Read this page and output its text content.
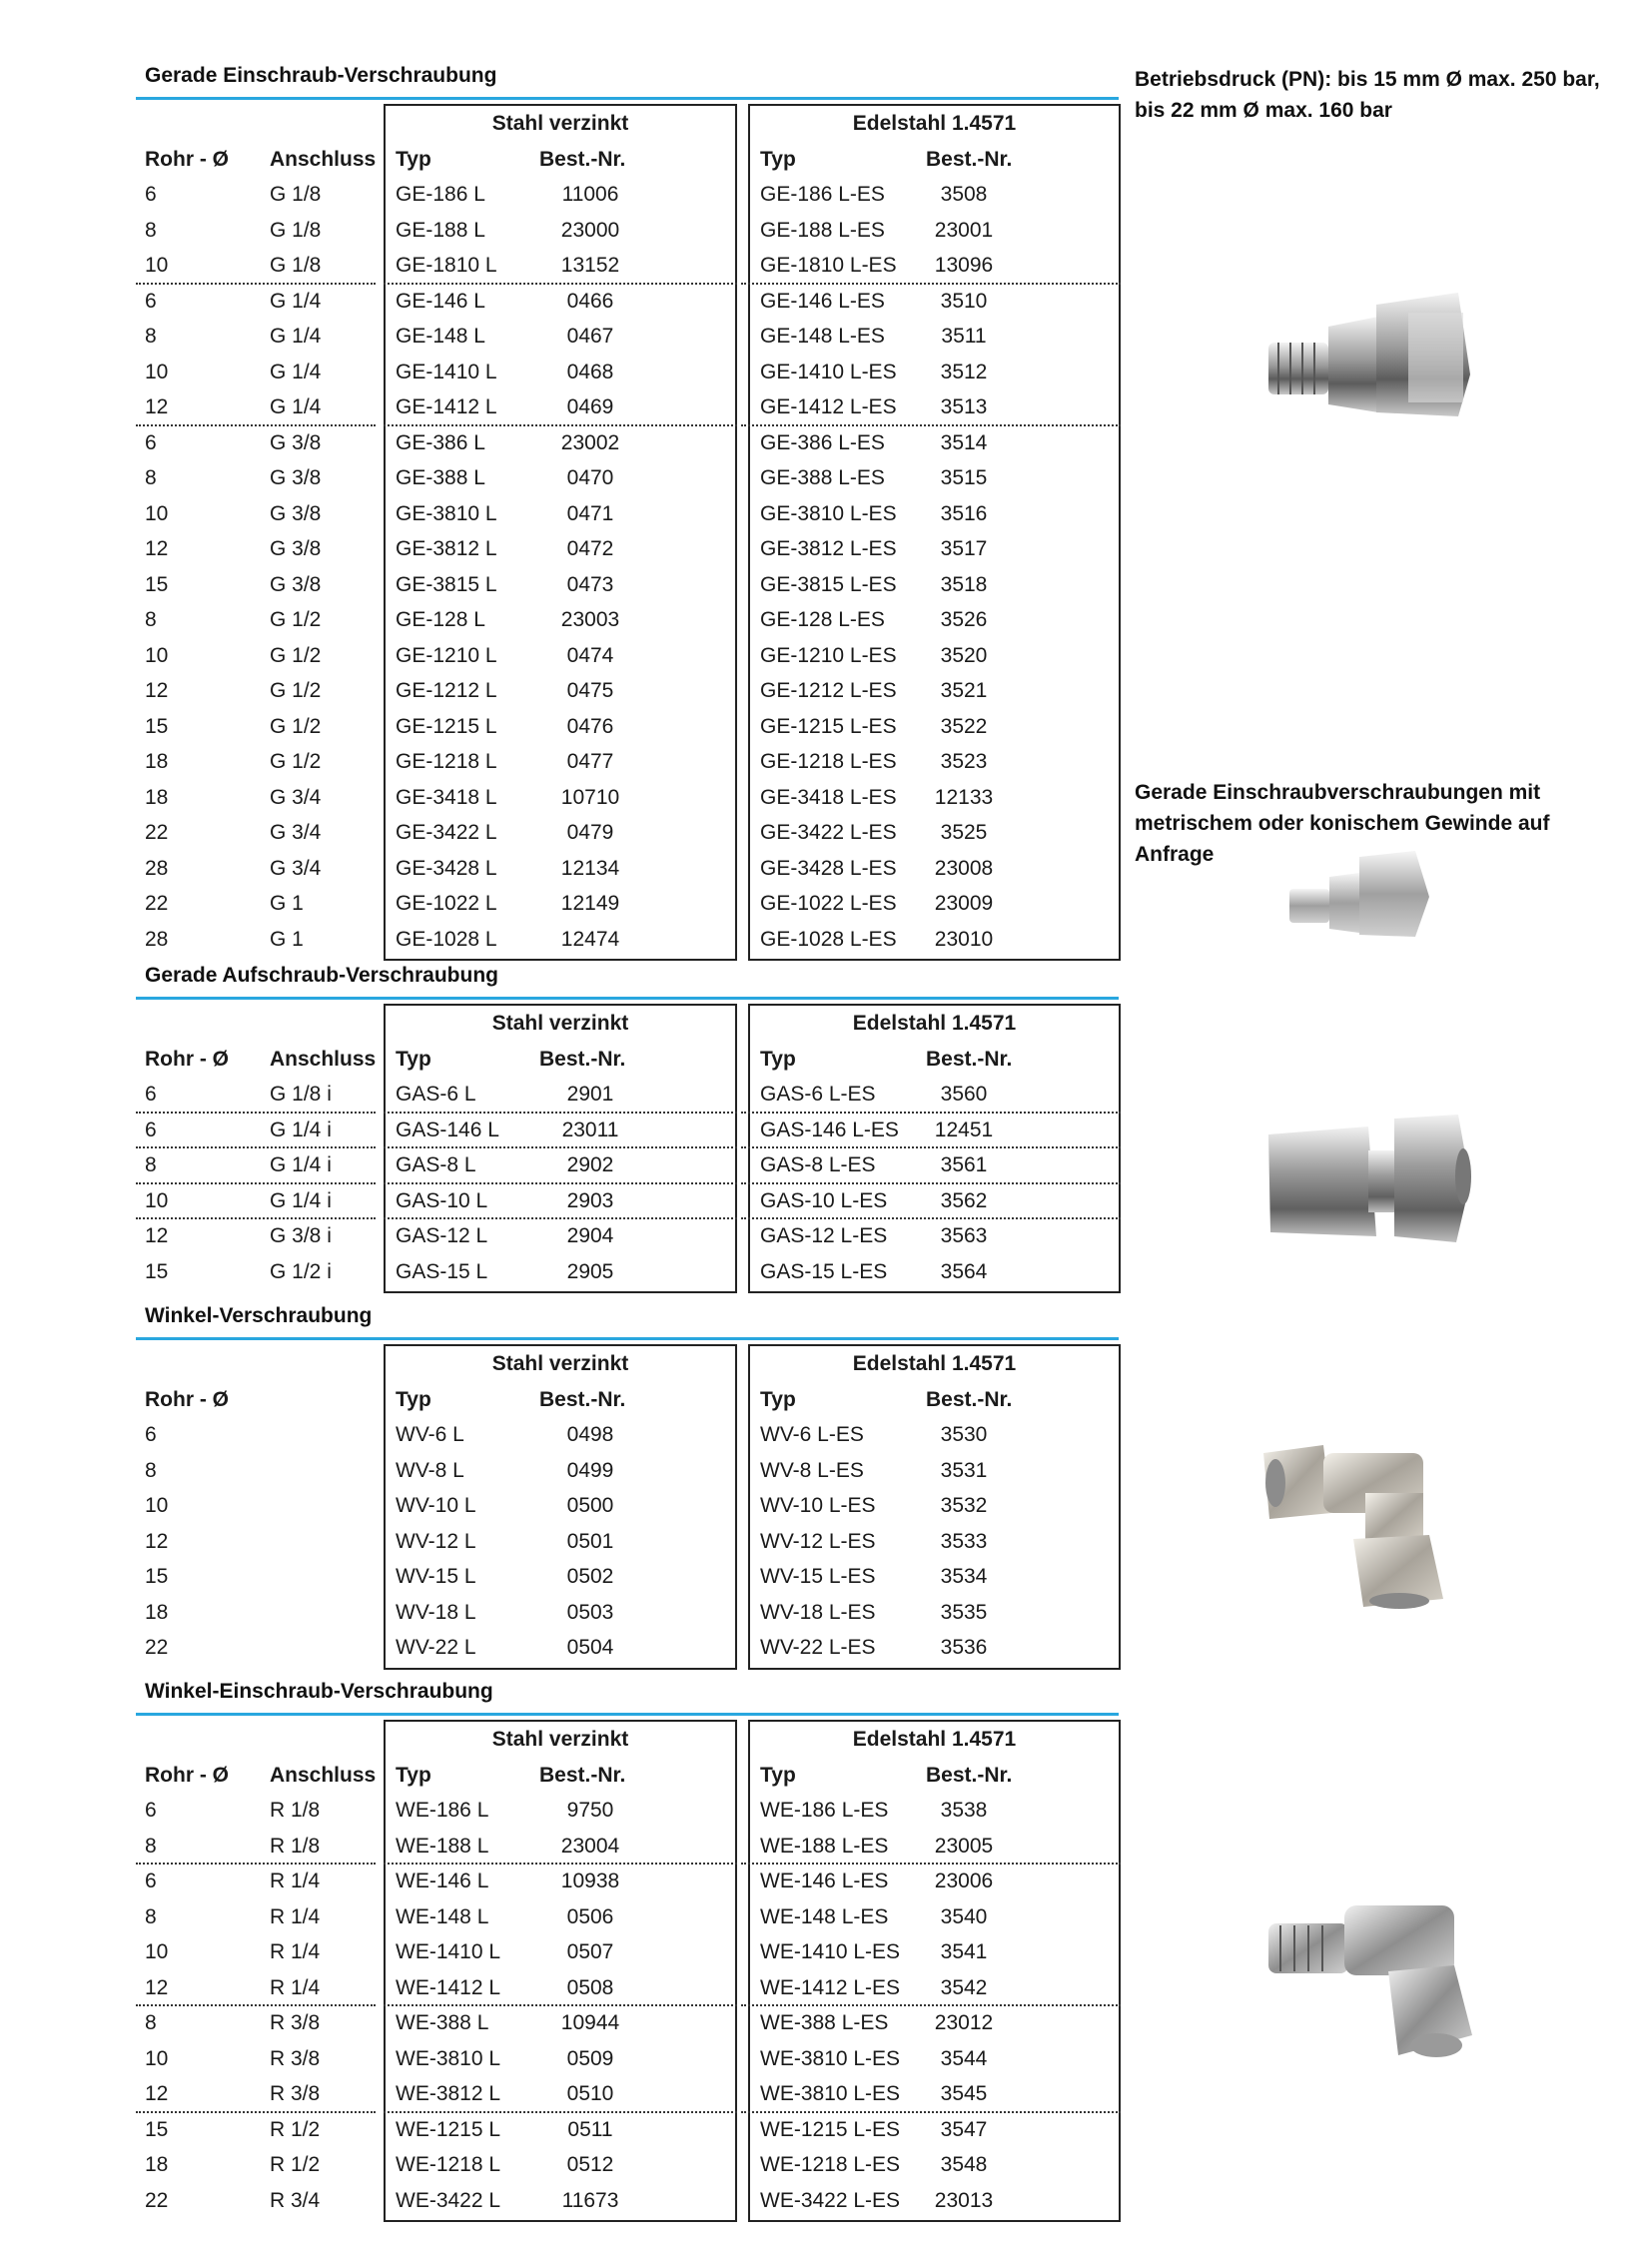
Betriebsdruck (PN): bis 15 mm Ø max. 250 bar, bis 22 mm Ø max. 160 bar
Gerade Einschraubverschraubungen mit metrischem oder konischem Gewinde auf Anfrage
Gerade Einschraub-Verschraubung
Stahl verzinkt	Edelstahl 1.4571
Rohr - Ø Anschluss Typ	Best.-Nr.	Typ	Best.-Nr.
6	G 1/8	GE-186 L	11006	GE-186 L-ES	3508
8	G 1/8	GE-188 L	23000	GE-188 L-ES	23001
10	G 1/8	GE-1810 L	13152	GE-1810 L-ES	13096
6	G 1/4	GE-146 L	0466	GE-146 L-ES	3510
8	G 1/4	GE-148 L	0467	GE-148 L-ES	3511
10	G 1/4	GE-1410 L	0468	GE-1410 L-ES	3512
12	G 1/4	GE-1412 L	0469	GE-1412 L-ES	3513
6	G 3/8	GE-386 L	23002	GE-386 L-ES	3514
8	G 3/8	GE-388 L	0470	GE-388 L-ES	3515
10	G 3/8	GE-3810 L	0471	GE-3810 L-ES	3516
12	G 3/8	GE-3812 L	0472	GE-3812 L-ES	3517
15	G 3/8	GE-3815 L	0473	GE-3815 L-ES	3518
8	G 1/2	GE-128 L	23003	GE-128 L-ES	3526
10	G 1/2	GE-1210 L	0474	GE-1210 L-ES	3520
12	G 1/2	GE-1212 L	0475	GE-1212 L-ES	3521
15	G 1/2	GE-1215 L	0476	GE-1215 L-ES	3522
18	G 1/2	GE-1218 L	0477	GE-1218 L-ES	3523
18	G 3/4	GE-3418 L	10710	GE-3418 L-ES	12133
22	G 3/4	GE-3422 L	0479	GE-3422 L-ES	3525
28	G 3/4	GE-3428 L	12134	GE-3428 L-ES	23008
22	G 1	GE-1022 L	12149	GE-1022 L-ES	23009
28	G 1	GE-1028 L	12474	GE-1028 L-ES	23010
Gerade Aufschraub-Verschraubung
Stahl verzinkt	Edelstahl 1.4571
Rohr - Ø Anschluss Typ	Best.-Nr.	Typ	Best.-Nr.
6	G 1/8 i	GAS-6 L	2901	GAS-6 L-ES	3560
6	G 1/4 i	GAS-146 L	23011	GAS-146 L-ES	12451
8	G 1/4 i	GAS-8 L	2902	GAS-8 L-ES	3561
10	G 1/4 i	GAS-10 L	2903	GAS-10 L-ES	3562
12	G 3/8 i	GAS-12 L	2904	GAS-12 L-ES	3563
15	G 1/2 i	GAS-15 L	2905	GAS-15 L-ES	3564
Winkel-Verschraubung
Stahl verzinkt	Edelstahl 1.4571
Rohr - Ø	Typ	Best.-Nr.	Typ	Best.-Nr.
6	WV-6 L	0498	WV-6 L-ES	3530
8	WV-8 L	0499	WV-8 L-ES	3531
10	WV-10 L	0500	WV-10 L-ES	3532
12	WV-12 L	0501	WV-12 L-ES	3533
15	WV-15 L	0502	WV-15 L-ES	3534
18	WV-18 L	0503	WV-18 L-ES	3535
22	WV-22 L	0504	WV-22 L-ES	3536
Winkel-Einschraub-Verschraubung
Stahl verzinkt	Edelstahl 1.4571
Rohr - Ø Anschluss Typ	Best.-Nr.	Typ	Best.-Nr.
6	R 1/8	WE-186 L	9750	WE-186 L-ES	3538
8	R 1/8	WE-188 L	23004	WE-188 L-ES	23005
6	R 1/4	WE-146 L	10938	WE-146 L-ES	23006
8	R 1/4	WE-148 L	0506	WE-148 L-ES	3540
10	R 1/4	WE-1410 L	0507	WE-1410 L-ES	3541
12	R 1/4	WE-1412 L	0508	WE-1412 L-ES	3542
8	R 3/8	WE-388 L	10944	WE-388 L-ES	23012
10	R 3/8	WE-3810 L	0509	WE-3810 L-ES	3544
12	R 3/8	WE-3812 L	0510	WE-3810 L-ES	3545
15	R 1/2	WE-1215 L	0511	WE-1215 L-ES	3547
18	R 1/2	WE-1218 L	0512	WE-1218 L-ES	3548
22	R 3/4	WE-3422 L	11673	WE-3422 L-ES	23013
